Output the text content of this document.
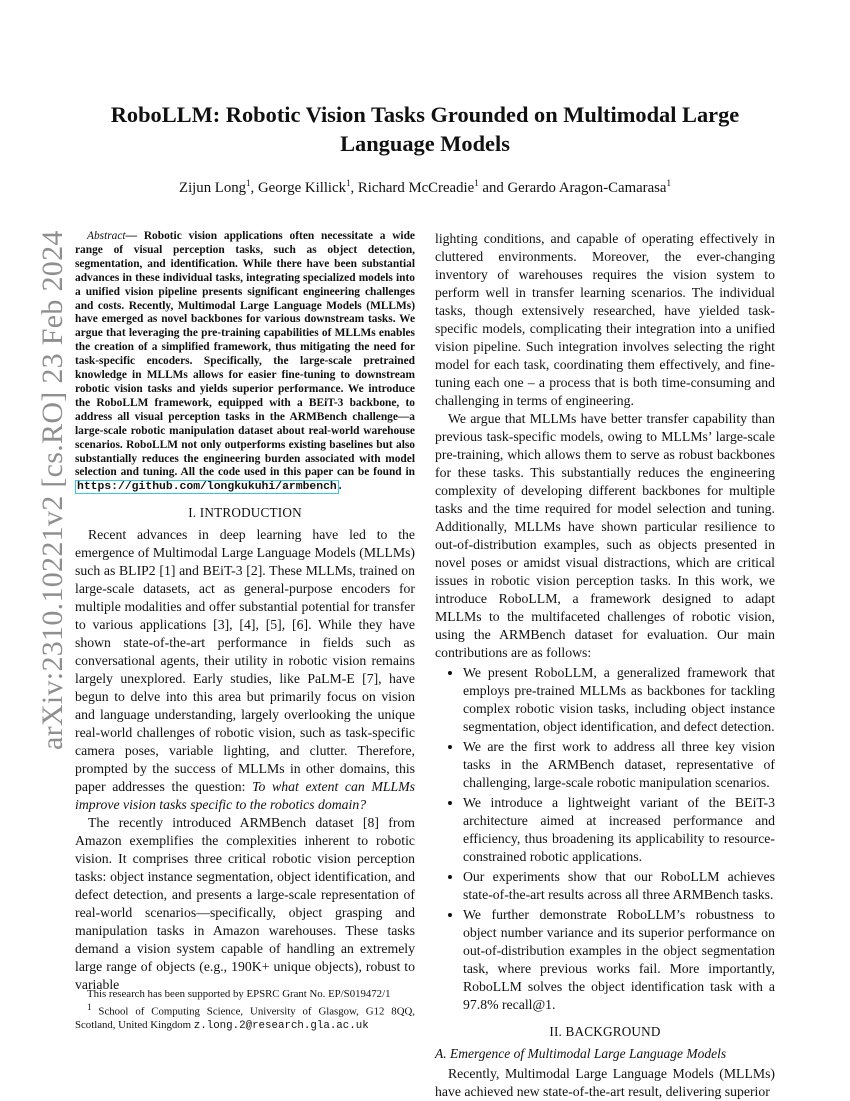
arXiv:2310.10221v2 [cs.RO] 23 Feb 2024
RoboLLM: Robotic Vision Tasks Grounded on Multimodal Large Language Models
Zijun Long$^1$, George Killick$^1$, Richard McCreadie$^1$ and Gerardo Aragon-Camarasa$^1$

Abstract— Robotic vision applications often necessitate a wide range of visual perception tasks, such as object detection, segmentation, and identification. While there have been substantial advances in these individual tasks, integrating specialized models into a unified vision pipeline presents significant engineering challenges and costs. Recently, Multimodal Large Language Models (MLLMs) have emerged as novel backbones for various downstream tasks. We argue that leveraging the pre-training capabilities of MLLMs enables the creation of a simplified framework, thus mitigating the need for task-specific encoders. Specifically, the large-scale pretrained knowledge in MLLMs allows for easier fine-tuning to downstream robotic vision tasks and yields superior performance. We introduce the RoboLLM framework, equipped with a BEiT-3 backbone, to address all visual perception tasks in the ARMBench challenge—a large-scale robotic manipulation dataset about real-world warehouse scenarios. RoboLLM not only outperforms existing baselines but also substantially reduces the engineering burden associated with model selection and tuning. All the code used in this paper can be found in https://github.com/longkukuhi/armbench .

I. INTRODUCTION

Recent advances in deep learning have led to the emergence of Multimodal Large Language Models (MLLMs) such as BLIP2 [1] and BEiT-3 [2]. These MLLMs, trained on large-scale datasets, act as general-purpose encoders for multiple modalities and offer substantial potential for transfer to various applications [3], [4], [5], [6]. While they have shown state-of-the-art performance in fields such as conversational agents, their utility in robotic vision remains largely unexplored. Early studies, like PaLM-E [7], have begun to delve into this area but primarily focus on vision and language understanding, largely overlooking the unique real-world challenges of robotic vision, such as task-specific camera poses, variable lighting, and clutter. Therefore, prompted by the success of MLLMs in other domains, this paper addresses the question: To what extent can MLLMs improve vision tasks specific to the robotics domain?

The recently introduced ARMBench dataset [8] from Amazon exemplifies the complexities inherent to robotic vision. It comprises three critical robotic vision perception tasks: object instance segmentation, object identification, and defect detection, and presents a large-scale representation of real-world scenarios—specifically, object grasping and manipulation tasks in Amazon warehouses. These tasks demand a vision system capable of handling an extremely large range of objects (e.g., 190K+ unique objects), robust to variable

lighting conditions, and capable of operating effectively in cluttered environments. Moreover, the ever-changing inventory of warehouses requires the vision system to perform well in transfer learning scenarios. The individual tasks, though extensively researched, have yielded task-specific models, complicating their integration into a unified vision pipeline. Such integration involves selecting the right model for each task, coordinating them effectively, and fine-tuning each one – a process that is both time-consuming and challenging in terms of engineering.

We argue that MLLMs have better transfer capability than previous task-specific models, owing to MLLMs’ large-scale pre-training, which allows them to serve as robust backbones for these tasks. This substantially reduces the engineering complexity of developing different backbones for multiple tasks and the time required for model selection and tuning. Additionally, MLLMs have shown particular resilience to out-of-distribution examples, such as objects presented in novel poses or amidst visual distractions, which are critical issues in robotic vision perception tasks. In this work, we introduce RoboLLM, a framework designed to adapt MLLMs to the multifaceted challenges of robotic vision, using the ARMBench dataset for evaluation. Our main contributions are as follows:

• We present RoboLLM, a generalized framework that employs pre-trained MLLMs as backbones for tackling complex robotic vision tasks, including object instance segmentation, object identification, and defect detection.
• We are the first work to address all three key vision tasks in the ARMBench dataset, representative of challenging, large-scale robotic manipulation scenarios.
• We introduce a lightweight variant of the BEiT-3 architecture aimed at increased performance and efficiency, thus broadening its applicability to resource-constrained robotic applications.
• Our experiments show that our RoboLLM achieves state-of-the-art results across all three ARMBench tasks.
• We further demonstrate RoboLLM’s robustness to object number variance and its superior performance on out-of-distribution examples in the object segmentation task, where previous works fail. More importantly, RoboLLM solves the object identification task with a 97.8% recall@1.
II. BACKGROUND
A. Emergence of Multimodal Large Language Models

Recently, Multimodal Large Language Models (MLLMs) have achieved new state-of-the-art result, delivering superior

This research has been supported by EPSRC Grant No. EP/S019472/1

$^1$ School of Computing Science, University of Glasgow, G12 8QQ, Scotland, United Kingdom z.long.2@research.gla.ac.uk
